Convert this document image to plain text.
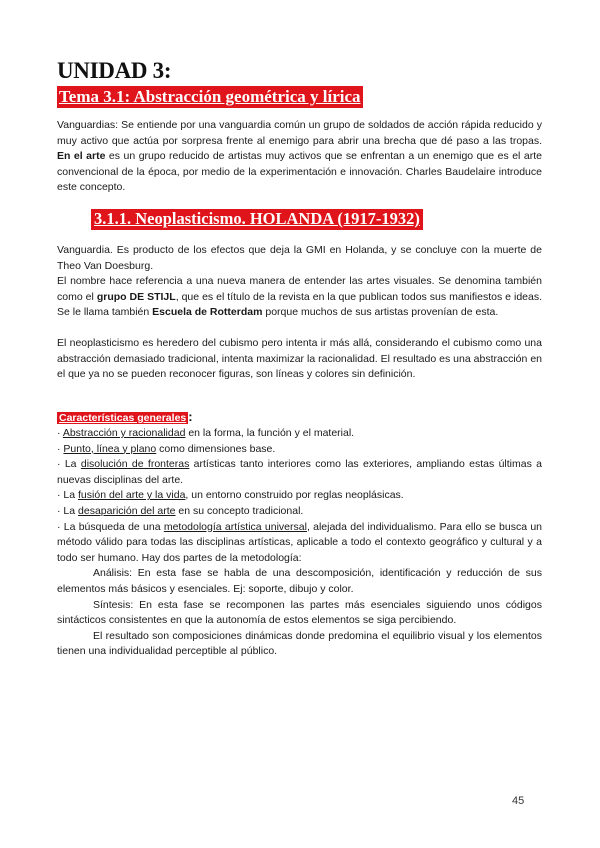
UNIDAD 3:
Tema 3.1: Abstracción geométrica y lírica

Vanguardias: Se entiende por una vanguardia común un grupo de soldados de acción rápida reducido y muy activo que actúa por sorpresa frente al enemigo para abrir una brecha que dé paso a las tropas. En el arte es un grupo reducido de artistas muy activos que se enfrentan a un enemigo que es el arte convencional de la época, por medio de la experimentación e innovación. Charles Baudelaire introduce este concepto.

3.1.1. Neoplasticismo. HOLANDA (1917-1932)

Vanguardia. Es producto de los efectos que deja la GMI en Holanda, y se concluye con la muerte de Theo Van Doesburg.

El nombre hace referencia a una nueva manera de entender las artes visuales. Se denomina también como el grupo DE STIJL, que es el título de la revista en la que publican todos sus manifiestos e ideas. Se le llama también Escuela de Rotterdam porque muchos de sus artistas provenían de esta.

El neoplasticismo es heredero del cubismo pero intenta ir más allá, considerando el cubismo como una abstracción demasiado tradicional, intenta maximizar la racionalidad. El resultado es una abstracción en el que ya no se pueden reconocer figuras, son líneas y colores sin definición.

Características generales :

· Abstracción y racionalidad en la forma, la función y el material.
· Punto, línea y plano como dimensiones base.
· La disolución de fronteras artísticas tanto interiores como las exteriores, ampliando estas últimas a nuevas disciplinas del arte.
· La fusión del arte y la vida, un entorno construido por reglas neoplásicas.
· La desaparición del arte en su concepto tradicional.
· La búsqueda de una metodología artística universal, alejada del individualismo. Para ello se busca un método válido para todas las disciplinas artísticas, aplicable a todo el contexto geográfico y cultural y a todo ser humano. Hay dos partes de la metodología:
Análisis: En esta fase se habla de una descomposición, identificación y reducción de sus elementos más básicos y esenciales. Ej: soporte, dibujo y color.
Síntesis: En esta fase se recomponen las partes más esenciales siguiendo unos códigos sintácticos consistentes en que la autonomía de estos elementos se siga percibiendo.
El resultado son composiciones dinámicas donde predomina el equilibrio visual y los elementos tienen una individualidad perceptible al público.
45
